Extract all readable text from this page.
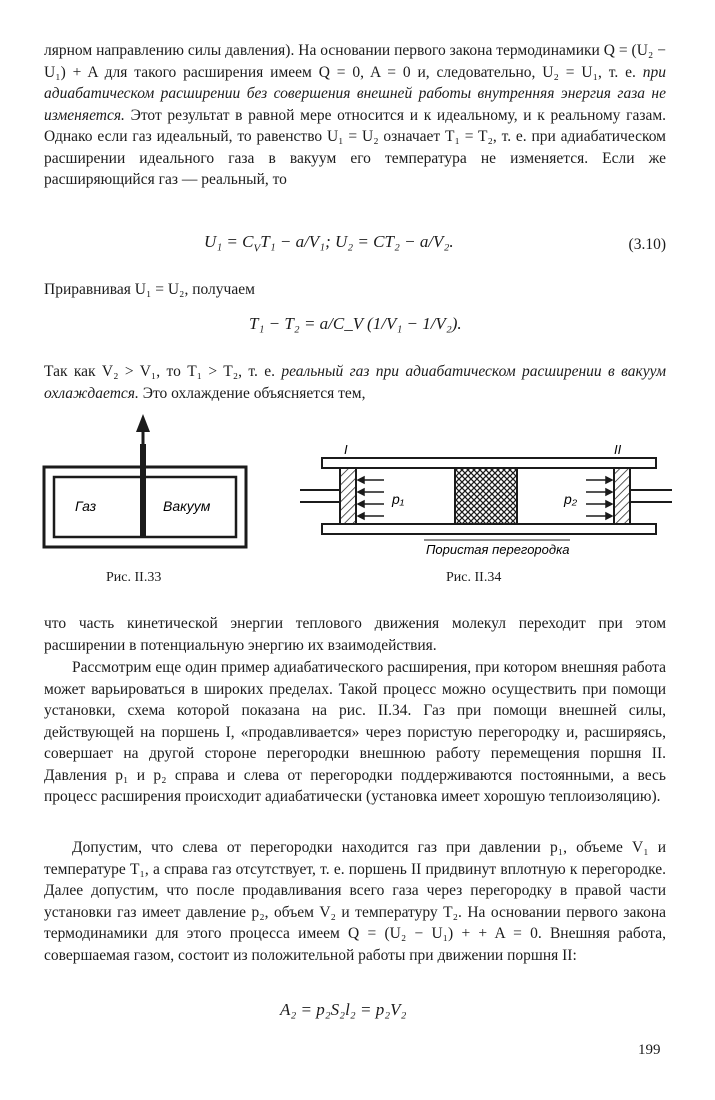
лярном направлению силы давления). На основании первого закона термодинамики Q = (U₂ − U₁) + A для такого расширения имеем Q = 0, A = 0 и, следовательно, U₂ = U₁, т. е. при адиабатическом расширении без совершения внешней работы внутренняя энергия газа не изменяется. Этот результат в равной мере относится и к идеальному, и к реальному газам. Однако если газ идеальный, то равенство U₁ = U₂ означает T₁ = T₂, т. е. при адиабатическом расширении идеального газа в вакуум его температура не изменяется. Если же расширяющийся газ — реальный, то

$U_1 = C_VT_1 - a/V_1$; U₂ = CT₂ − a/V₂.	(3.10)

Приравнивая U₁ = U₂, получаем

T₁ − T₂ = a/C_V (1/V₁ − 1/V₂).

Так как V₂ > V₁, то T₁ > T₂, т. е. реальный газ при адиабатическом расширении в вакуум охлаждается. Это охлаждение объясняется тем,

Газ	Вакуум
Рис. II.33
I	II
p₁	p₂
Пористая перегородка
Рис. II.34

что часть кинетической энергии теплового движения молекул переходит при этом расширении в потенциальную энергию их взаимодействия.

Рассмотрим еще один пример адиабатического расширения, при котором внешняя работа может варьироваться в широких пределах. Такой процесс можно осуществить при помощи установки, схема которой показана на рис. II.34. Газ при помощи внешней силы, действующей на поршень I, «продавливается» через пористую перегородку и, расширяясь, совершает на другой стороне перегородки внешнюю работу перемещения поршня II. Давления p₁ и p₂ справа и слева от перегородки поддерживаются постоянными, а весь процесс расширения происходит адиабатически (установка имеет хорошую теплоизоляцию).

Допустим, что слева от перегородки находится газ при давлении p₁, объеме V₁ и температуре T₁, а справа газ отсутствует, т. е. поршень II придвинут вплотную к перегородке. Далее допустим, что после продавливания всего газа через перегородку в правой части установки газ имеет давление p₂, объем V₂ и температуру T₂. На основании первого закона термодинамики для этого процесса имеем Q = (U₂ − U₁) + + A = 0. Внешняя работа, совершаемая газом, состоит из положительной работы при движении поршня II:

A₂ = p₂S₂l₂ = p₂V₂
199
